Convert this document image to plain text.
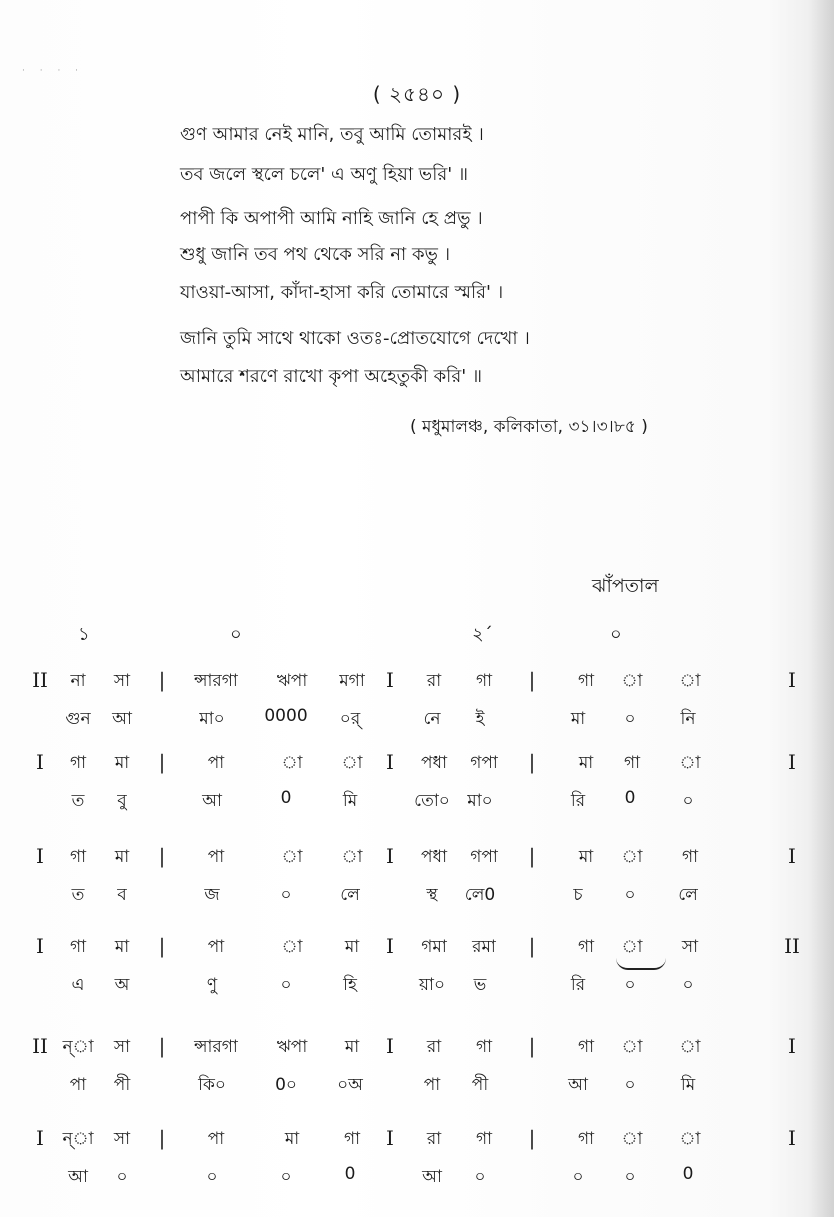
· · · ·
( ২৫৪০ )
গুণ আমার নেই মানি, তবু আমি তোমারই ।
তব জলে স্থলে চলে' এ অণু হিয়া ভরি' ॥
পাপী কি অপাপী আমি নাহি জানি হে প্রভু ।
শুধু জানি তব পথ থেকে সরি না কভু ।
যাওয়া-আসা, কাঁদা-হাসা করি তোমারে স্মরি' ।
জানি তুমি সাথে থাকো ওতঃ-প্রোতযোগে দেখো ।
আমারে শরণে রাখো কৃপা অহেতুকী করি' ॥
( মধুমালঞ্চ, কলিকাতা, ৩১।৩।৮৫ )
ঝাঁপতাল
১	০	২´	০
II না সা | ন্সারগা ঋপা মগা I রা গা |	গা া া	I
গুন আ	মা০ 0000 ০র্	নে ই	মা ০	নি
I গা মা | পা	া া I পধা গপা |	মা গা া	I
ত বু	আ	0	মি	তো০ মা০	রি 0	০
I গা মা | পা	া া I পধা গপা |	মা া গা	I
ত ব	জ	০	লে	স্থ লে0	চ ০	লে
I গা মা | পা	া মা I গমা রমা |	গা া সা	II
এ অ	ণু	০	হি	য়া০ ভ	রি ০	০
II ন্া সা | ন্সারগা ঋপা মা I রা গা |	গা া া	I
পা পী	কি০	0০ ০অ	পা পী	আ ০	মি
I ন্া সা | পা	মা	গা I রা গা |	গা া া	I
আ ০	০	০	0	আ ০	০ ০	0
